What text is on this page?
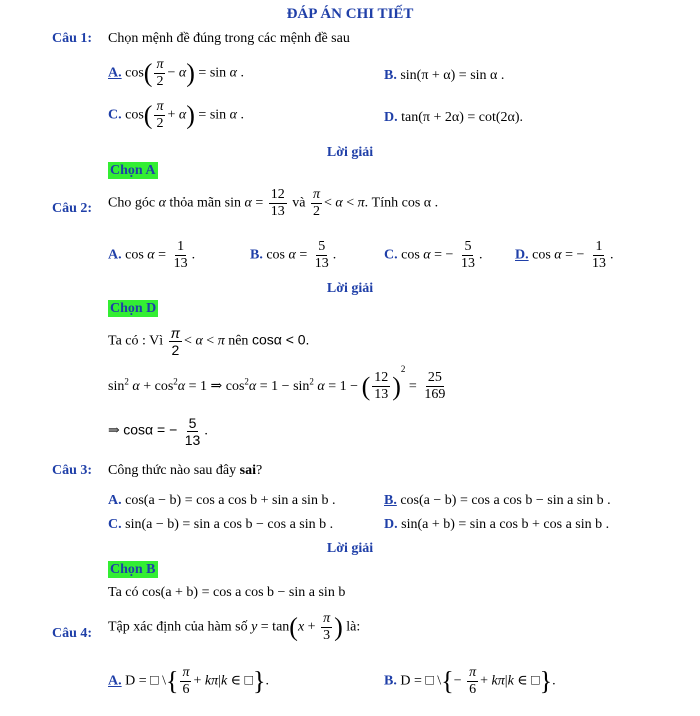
ĐÁP ÁN CHI TIẾT
Câu 1: Chọn mệnh đề đúng trong các mệnh đề sau
A. $\cos( \frac{\pi}{2} - \alpha) = \sin \alpha$ .	B. sin(π + α) = sin α .
C. $\cos( \frac{\pi}{2} + \alpha) = \sin \alpha$ .	D. tan(π + 2α) = cot(2α).
Lời giải
Chọn A
Câu 2: Cho góc α thỏa mãn $\sin \alpha = \frac{12}{13}$ và $\frac{\pi}{2} < \alpha < \pi$. Tính cos α .
A. $\cos \alpha = \frac{1}{13}$ .	B. $\cos \alpha = \frac{5}{13}$ .	C. cos α = − $\frac{5}{13}$ . D. cos α = − $\frac{1}{13}$ .
Lời giải
Chọn D
Ta có : Vì $\frac{\pi}{2} < \alpha < \pi$ nên cosα < 0.
$\sin^2 \alpha + \cos^2\alpha = 1$ ⇒ $\cos^2\alpha = 1 - \sin^2 \alpha = 1$ − ( $\frac{12}{13} )^2 = \frac{25}{169}$
⇒ cosα = − $\frac{5}{13}$ .
Câu 3: Công thức nào sau đây sai?
A. cos(a − b) = cos a cos b + sin a sin b .	B. cos(a − b) = cos a cos b − sin a sin b .
C. sin(a − b) = sin a cos b − cos a sin b .	D. sin(a + b) = sin a cos b + cos a sin b .
Lời giải
Chọn B
Ta có cos(a + b) = cos a cos b − sin a sin b
Câu 4: Tập xác định của hàm số $y = \tan(x + \frac{\pi}{3}$ ) là:
A. D = □ \{ $\frac{\pi}{6} + k\pi|k$ ∈ □}.	B. D = □ \{− $\frac{\pi}{6} + k\pi|k$ ∈ □}.
